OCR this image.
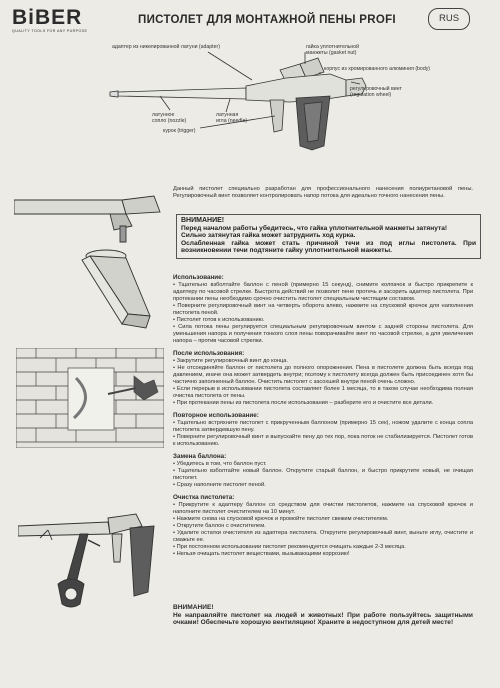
BiBER
QUALITY TOOLS FOR ANY PURPOSE
ПИСТОЛЕТ ДЛЯ МОНТАЖНОЙ ПЕНЫ PROFI	RUS
адаптер из никелированной латуни (adapter)	гайка уплотнительной
манжеты (gasket nut)
корпус из хромированного алюминия (body)
регулировочный винт
(regulation wheel)
латунное
сопло (nozzle)
латунная
игла (needle)
курок (trigger)

Данный пистолет специально разработан для профессионального нанесения полиуретановой пены. Регулировочный винт позволяет контролировать напор потока для идеально точного нанесения пены.

ВНИМАНИЕ!

Перед началом работы убедитесь, что гайка уплотнительной манжеты затянута!

Сильно затянутая гайка может затруднить ход курка.

Ослабленная гайка может стать причиной течи из под иглы пистолета. При возникновении течи подтяните гайку уплотнительной манжеты.

Использование:

• Тщательно взболтайте баллон с пеной (примерно 15 секунд), снимите колпачок и быстро прикрепите к адаптеру по часовой стрелке. Быстрота действий не позволит пене протечь и засорить адаптер пистолета. При протекании пены необходимо срочно очистить пистолет специальным чистящим составом.
• Поверните регулировочный винт на четверть оборота влево, нажмите на спусковой крючок для наполнения пистолета пеной.
• Пистолет готов к использованию.
• Сила потока пены регулируется специальным регулировочным винтом с задней стороны пистолета. Для уменьшения напора и получения тонкого слоя пены поворачивайте винт по часовой стрелке, а для увеличения напора – против часовой стрелки.

После использования:

• Закрутите регулировочный винт до конца.
• Не отсоединяйте баллон от пистолета до полного опорожнения. Пена в пистолете должна быть всегда под давлением, иначе она может затвердеть внутри; поэтому к пистолету всегда должен быть присоединен хотя бы частично заполненный баллон. Очистить пистолет с засохшей внутри пеной очень сложно.
• Если перерыв в использовании пистолета составляет более 1 месяца, то в таком случае необходима полная очистка пистолета от пены.
• При протекании пены из пистолета после использования – разберите его и очистите все детали.

Повторное использование:

• Тщательно встряхните пистолет с прикрученным баллоном (примерно 15 сек), ножом удалите с конца сопла пистолета затвердевшую пену.
• Поверните регулировочный винт и выпускайте пену до тех пор, пока поток не стабилизируется. Пистолет готов к использованию.

Замена баллона:

• Убедитесь в том, что баллон пуст.
• Тщательно взболтайте новый баллон. Открутите старый баллон, и быстро прикрутите новый, не очищая пистолет.
• Сразу наполните пистолет пеной.

Очистка пистолета:

• Прикрутите к адаптеру баллон со средством для очистки пистолетов, нажмите на спусковой крючок и наполните пистолет очистителем на 10 минут.
• Нажмите снова на спусковой крючок и промойте пистолет свежим очистителем.
• Открутите баллон с очистителем.
• Удалите остатки очистителя из адаптера пистолета. Открутите регулировочный винт, выньте иглу, очистите и смажьте ее.
• При постоянном использовании пистолет рекомендуется очищать каждые 2-3 месяца.
• Нельзя очищать пистолет веществами, вызывающими коррозию!

ВНИМАНИЕ!
Не направляйте пистолет на людей и животных! При работе пользуйтесь защитными очками! Обеспечьте хорошую вентиляцию! Храните в недоступном для детей месте!
